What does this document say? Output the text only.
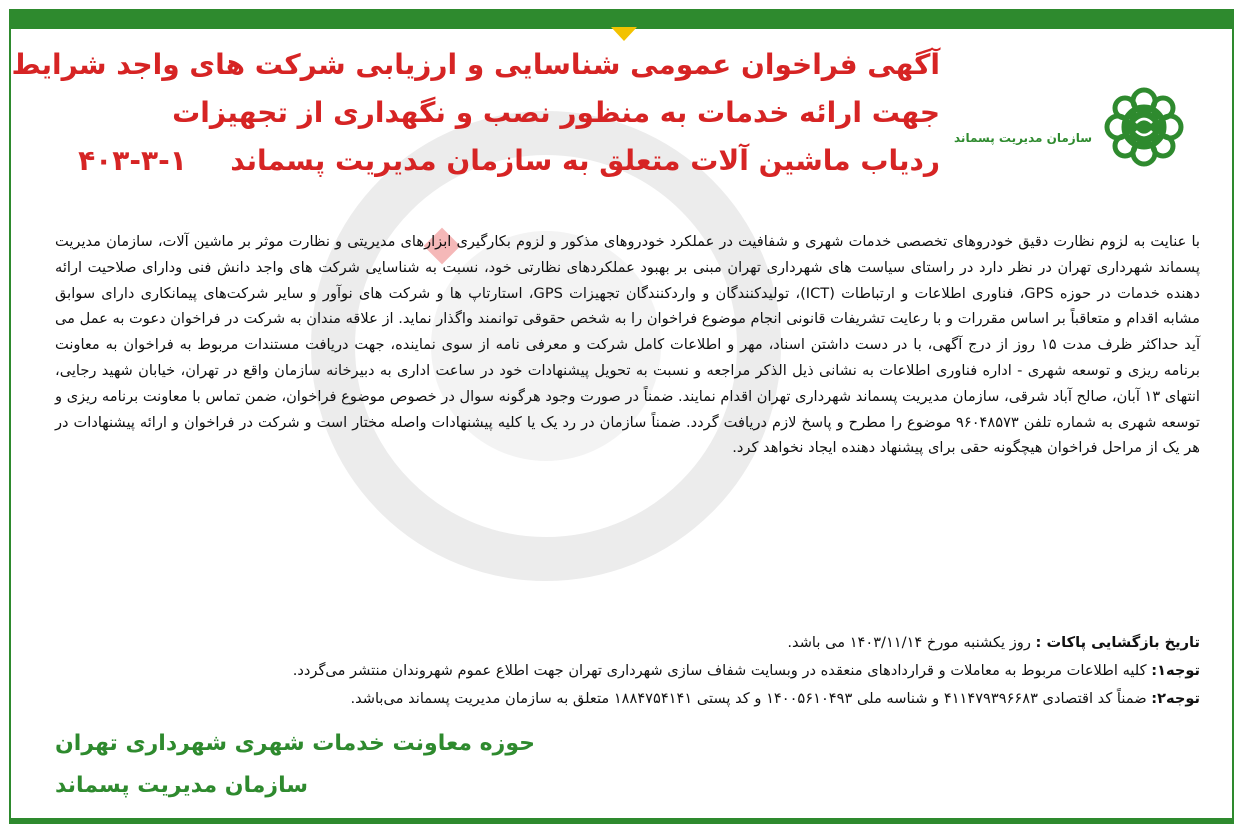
سازمان مدیریت پسماند
آگهی فراخوان عمومی شناسایی و ارزیابی شرکت های واجد شرایط
جهت ارائه خدمات به منظور نصب و نگهداری از تجهیزات
ردیاب ماشین آلات متعلق به سازمان مدیریت پسماند  ۱-۳-۴۰۳

با عنایت به لزوم نظارت دقیق خودروهای تخصصی خدمات شهری و شفافیت در عملکرد خودروهای مذکور و لزوم بکارگیری ابزارهای مدیریتی و نظارت موثر بر ماشین آلات، سازمان مدیریت پسماند شهرداری تهران در نظر دارد در راستای سیاست های شهرداری تهران مبنی بر بهبود عملکردهای نظارتی خود، نسبت به شناسایی شرکت های واجد دانش فنی ودارای صلاحیت ارائه دهنده خدمات در حوزه GPS، فناوری اطلاعات و ارتباطات (ICT)، تولیدکنندگان و واردکنندگان تجهیزات GPS، استارتاپ ها و شرکت های نوآور و سایر شرکت‌های پیمانکاری دارای سوابق مشابه اقدام و متعاقباً بر اساس مقررات و با رعایت تشریفات قانونی انجام موضوع فراخوان را به شخص حقوقی توانمند واگذار نماید. از علاقه مندان به شرکت در فراخوان دعوت به عمل می آید حداکثر ظرف مدت ۱۵ روز از درج آگهی، با در دست داشتن اسناد، مهر و اطلاعات کامل شرکت و معرفی نامه از سوی نماینده، جهت دریافت مستندات مربوط به فراخوان به معاونت برنامه ریزی و توسعه شهری - اداره فناوری اطلاعات به نشانی ذیل الذکر مراجعه و نسبت به تحویل پیشنهادات خود در ساعت اداری به دبیرخانه سازمان واقع در تهران، خیابان شهید رجایی، انتهای ۱۳ آبان، صالح آباد شرقی، سازمان مدیریت پسماند شهرداری تهران اقدام نمایند. ضمناً در صورت وجود هرگونه سوال در خصوص موضوع فراخوان، ضمن تماس با معاونت برنامه ریزی و توسعه شهری به شماره تلفن ۹۶۰۴۸۵۷۳ موضوع را مطرح و پاسخ لازم دریافت گردد. ضمناً سازمان در رد یک یا کلیه پیشنهادات واصله مختار است و شرکت در فراخوان و ارائه پیشنهادات در هر یک از مراحل فراخوان هیچگونه حقی برای پیشنهاد دهنده ایجاد نخواهد کرد.

تاریخ بازگشایی پاکات : روز یکشنبه مورخ ۱۴۰۳/۱۱/۱۴ می باشد.
توجه۱: کلیه اطلاعات مربوط به معاملات و قراردادهای منعقده در وبسایت شفاف سازی شهرداری تهران جهت اطلاع عموم شهروندان منتشر می‌گردد.
توجه۲: ضمناً کد اقتصادی ۴۱۱۴۷۹۳۹۶۶۸۳ و شناسه ملی ۱۴۰۰۵۶۱۰۴۹۳ و کد پستی ۱۸۸۴۷۵۴۱۴۱ متعلق به سازمان مدیریت پسماند می‌باشد.
حوزه معاونت خدمات شهری شهرداری تهران
سازمان مدیریت پسماند
